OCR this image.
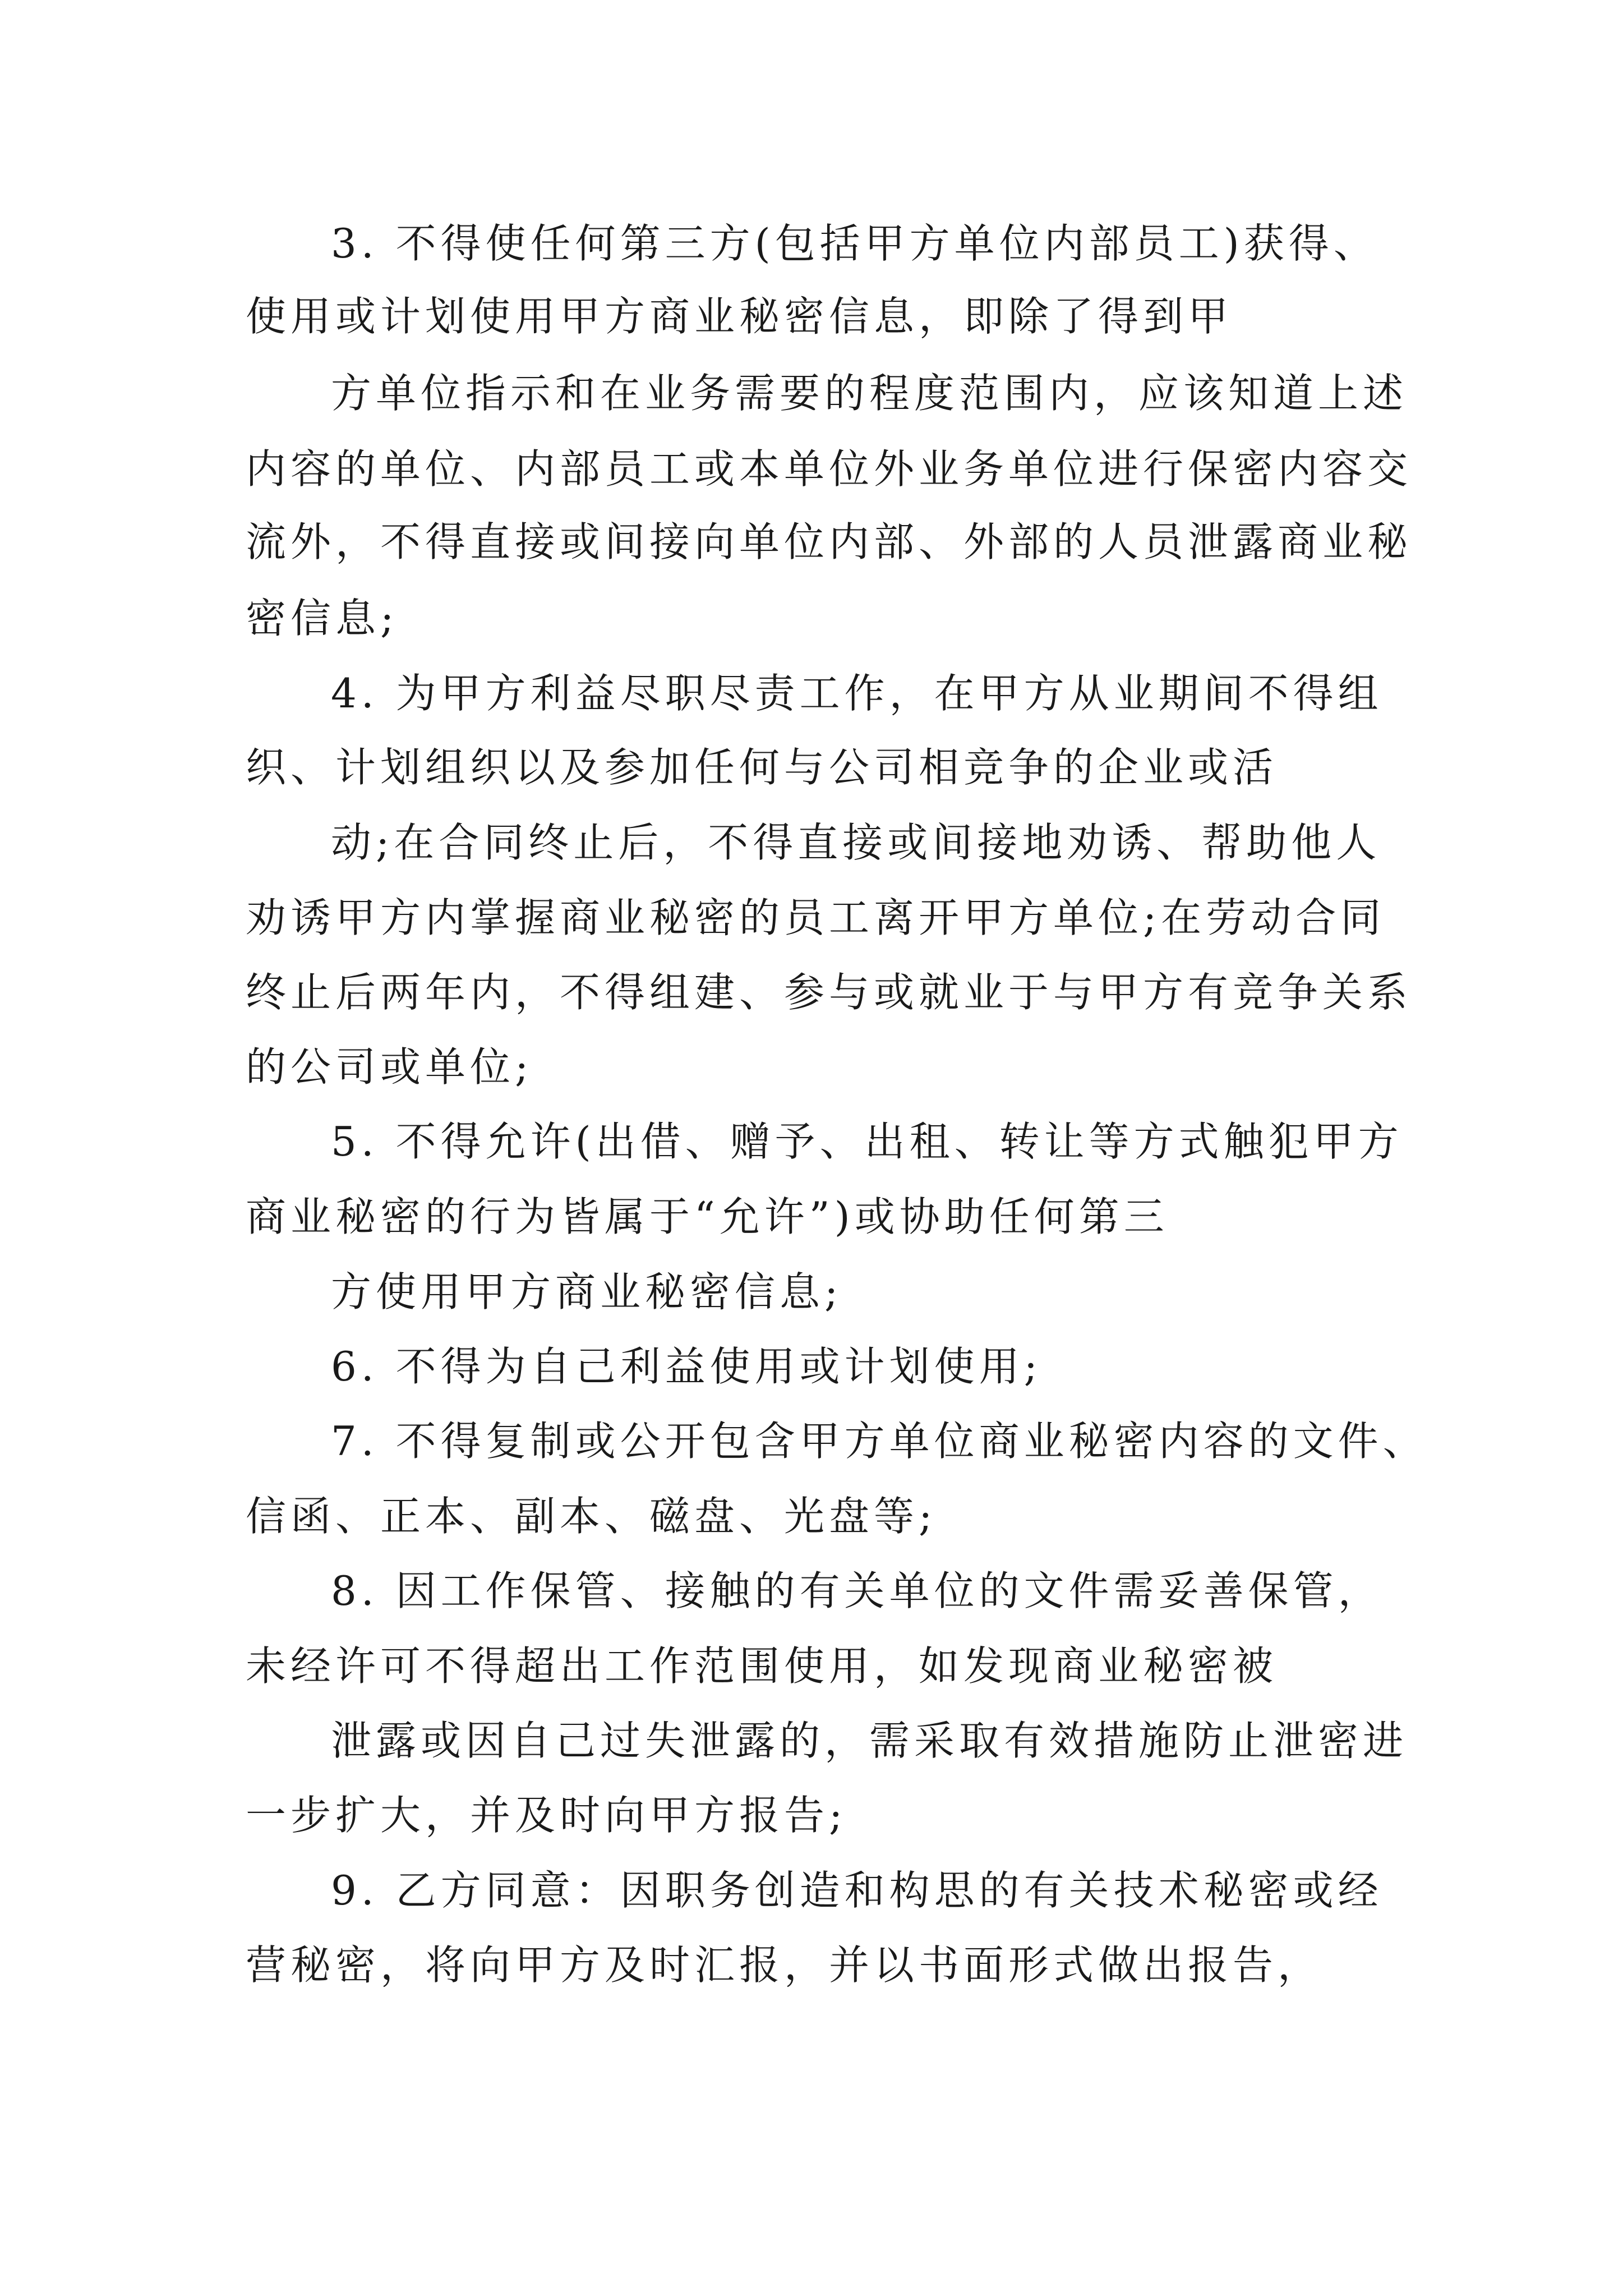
3. 不得使任何第三方(包括甲方单位内部员工)获得、
使用或计划使用甲方商业秘密信息，即除了得到甲
方单位指示和在业务需要的程度范围内，应该知道上述
内容的单位、内部员工或本单位外业务单位进行保密内容交
流外，不得直接或间接向单位内部、外部的人员泄露商业秘
密信息;
4. 为甲方利益尽职尽责工作，在甲方从业期间不得组
织、计划组织以及参加任何与公司相竞争的企业或活
动;在合同终止后，不得直接或间接地劝诱、帮助他人
劝诱甲方内掌握商业秘密的员工离开甲方单位;在劳动合同
终止后两年内，不得组建、参与或就业于与甲方有竞争关系
的公司或单位;
5. 不得允许(出借、赠予、出租、转让等方式触犯甲方
商业秘密的行为皆属于“允许”)或协助任何第三
方使用甲方商业秘密信息;
6. 不得为自己利益使用或计划使用;
7. 不得复制或公开包含甲方单位商业秘密内容的文件、
信函、正本、副本、磁盘、光盘等;
8. 因工作保管、接触的有关单位的文件需妥善保管，
未经许可不得超出工作范围使用，如发现商业秘密被
泄露或因自己过失泄露的，需采取有效措施防止泄密进
一步扩大，并及时向甲方报告;
9. 乙方同意：因职务创造和构思的有关技术秘密或经
营秘密，将向甲方及时汇报，并以书面形式做出报告，
